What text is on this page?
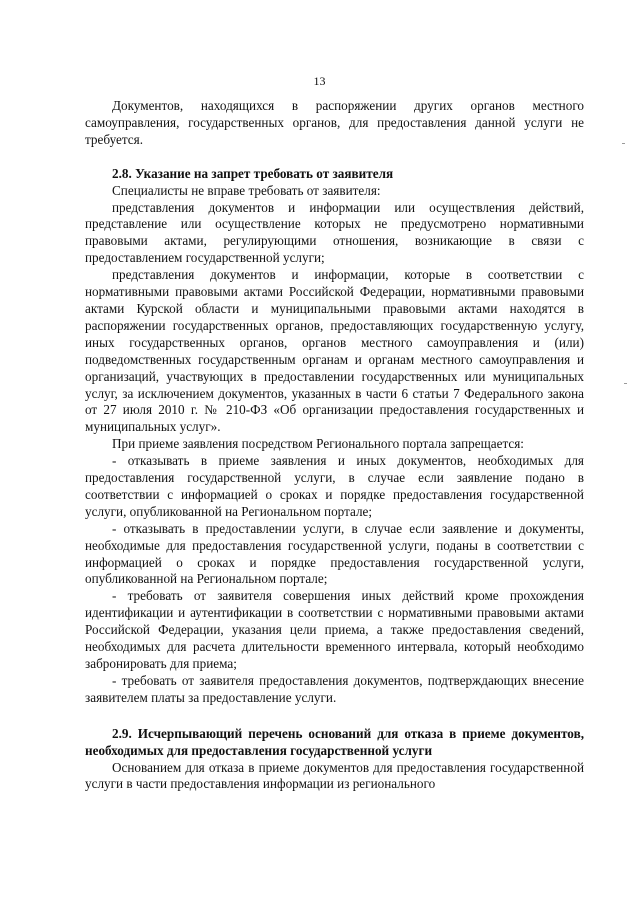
13

Документов, находящихся в распоряжении других органов местного самоуправления, государственных органов, для предоставления данной услуги не требуется.

2.8. Указание на запрет требовать от заявителя

Специалисты не вправе требовать от заявителя:

представления документов и информации или осуществления действий, представление или осуществление которых не предусмотрено нормативными правовыми актами, регулирующими отношения, возникающие в связи с предоставлением государственной услуги;

представления документов и информации, которые в соответствии с нормативными правовыми актами Российской Федерации, нормативными правовыми актами Курской области и муниципальными правовыми актами находятся в распоряжении государственных органов, предоставляющих государственную услугу, иных государственных органов, органов местного самоуправления и (или) подведомственных государственным органам и органам местного самоуправления и организаций, участвующих в предоставлении государственных или муниципальных услуг, за исключением документов, указанных в части 6 статьи 7 Федерального закона от 27 июля 2010 г. № 210-ФЗ «Об организации предоставления государственных и муниципальных услуг».

При приеме заявления посредством Регионального портала запрещается:

- отказывать в приеме заявления и иных документов, необходимых для предоставления государственной услуги, в случае если заявление подано в соответствии с информацией о сроках и порядке предоставления государственной услуги, опубликованной на Региональном портале;

- отказывать в предоставлении услуги, в случае если заявление и документы, необходимые для предоставления государственной услуги, поданы в соответствии с информацией о сроках и порядке предоставления государственной услуги, опубликованной на Региональном портале;

- требовать от заявителя совершения иных действий кроме прохождения идентификации и аутентификации в соответствии с нормативными правовыми актами Российской Федерации, указания цели приема, а также предоставления сведений, необходимых для расчета длительности временного интервала, который необходимо забронировать для приема;

- требовать от заявителя предоставления документов, подтверждающих внесение заявителем платы за предоставление услуги.

2.9. Исчерпывающий перечень оснований для отказа в приеме документов, необходимых для предоставления государственной услуги

Основанием для отказа в приеме документов для предоставления государственной услуги в части предоставления информации из регионального
